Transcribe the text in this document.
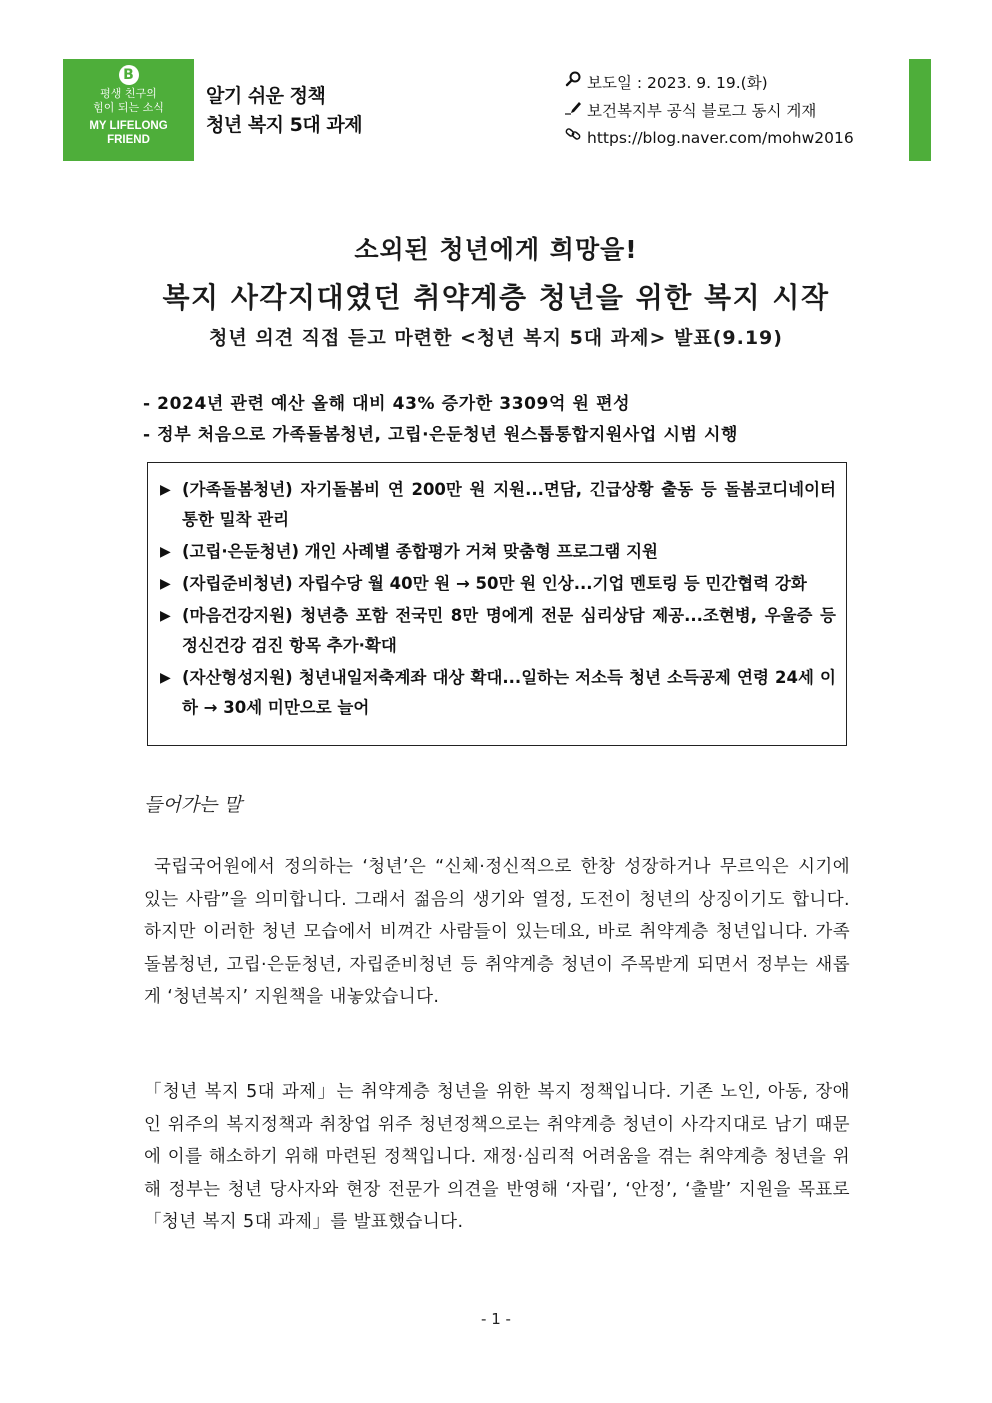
B
평생 친구의
힘이 되는 소식
MY LIFELONG
FRIEND
알기 쉬운 정책
청년 복지 5대 과제
보도일 : 2023. 9. 19.(화)
보건복지부 공식 블로그 동시 게재
https://blog.naver.com/mohw2016
소외된 청년에게 희망을!
복지 사각지대였던 취약계층 청년을 위한 복지 시작
청년 의견 직접 듣고 마련한 <청년 복지 5대 과제> 발표(9.19)
- 2024년 관련 예산 올해 대비 43% 증가한 3309억 원 편성
- 정부 처음으로 가족돌봄청년, 고립·은둔청년 원스톱통합지원사업 시범 시행
▶ (가족돌봄청년) 자기돌봄비 연 200만 원 지원...면담, 긴급상황 출동 등 돌봄코디네이터 통한 밀착 관리
▶ (고립·은둔청년) 개인 사례별 종합평가 거쳐 맞춤형 프로그램 지원
▶ (자립준비청년) 자립수당 월 40만 원 → 50만 원 인상...기업 멘토링 등 민간협력 강화
▶ (마음건강지원) 청년층 포함 전국민 8만 명에게 전문 심리상담 제공...조현병, 우울증 등 정신건강 검진 항목 추가·확대
▶ (자산형성지원) 청년내일저축계좌 대상 확대...일하는 저소득 청년 소득공제 연령 24세 이하 → 30세 미만으로 늘어
들어가는 말
국립국어원에서 정의하는 ‘청년’은 “신체·정신적으로 한창 성장하거나 무르익은 시기에 있는 사람”을 의미합니다. 그래서 젊음의 생기와 열정, 도전이 청년의 상징이기도 합니다. 하지만 이러한 청년 모습에서 비껴간 사람들이 있는데요, 바로 취약계층 청년입니다. 가족돌봄청년, 고립·은둔청년, 자립준비청년 등 취약계층 청년이 주목받게 되면서 정부는 새롭게 ‘청년복지’ 지원책을 내놓았습니다.
「청년 복지 5대 과제」는 취약계층 청년을 위한 복지 정책입니다. 기존 노인, 아동, 장애인 위주의 복지정책과 취창업 위주 청년정책으로는 취약계층 청년이 사각지대로 남기 때문에 이를 해소하기 위해 마련된 정책입니다. 재정·심리적 어려움을 겪는 취약계층 청년을 위해 정부는 청년 당사자와 현장 전문가 의견을 반영해 ‘자립’, ‘안정’, ‘출발’ 지원을 목표로 「청년 복지 5대 과제」를 발표했습니다.
- 1 -
